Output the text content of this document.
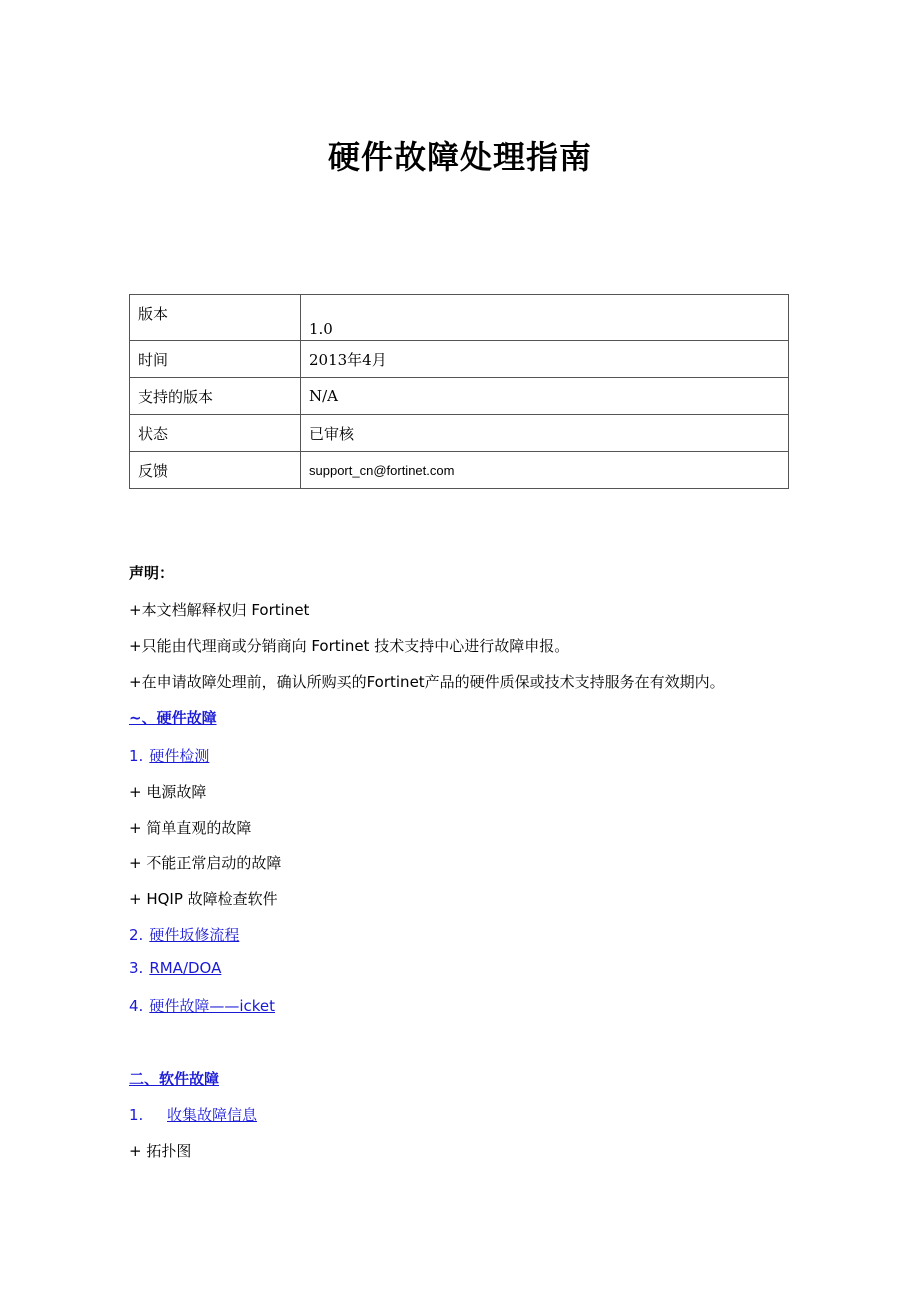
硬件故障处理指南
版本	1.0
时间	2013年4月
支持的版本	N/A
状态	已审核
反馈	support_cn@fortinet.com
声明：
+本文档解释权归 Fortinet
+只能由代理商或分销商向 Fortinet 技术支持中心进行故障申报。
+在申请故障处理前，确认所购买的Fortinet产品的硬件质保或技术支持服务在有效期内。
~、硬件故障
1. 硬件检测
+ 电源故障
+ 简单直观的故障
+ 不能正常启动的故障
+ HQIP 故障检查软件
2. 硬件坂修流程
3. RMA/DOA
4. 硬件故障——icket
二、软件故障
1. 收集故障信息
+ 拓扑图
